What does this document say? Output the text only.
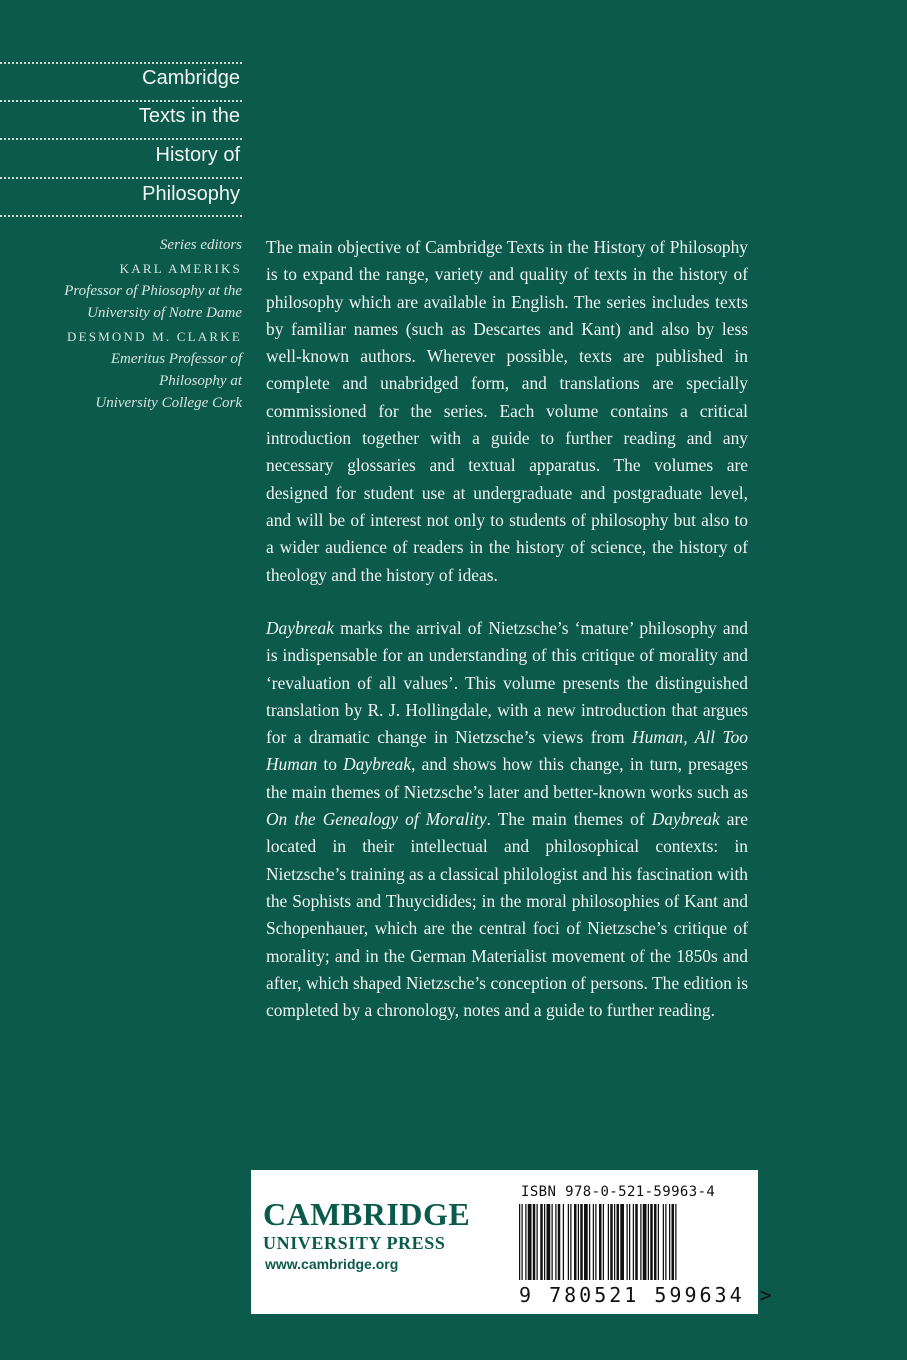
Cambridge
Texts in the
History of
Philosophy
Series editors
KARL AMERIKS
Professor of Phiosophy at the
University of Notre Dame
DESMOND M. CLARKE
Emeritus Professor of
Philosophy at
University College Cork
The main objective of Cambridge Texts in the History of Philosophy is to expand the range, variety and quality of texts in the history of philosophy which are available in English. The series includes texts by familiar names (such as Descartes and Kant) and also by less well-known authors. Wherever possible, texts are published in complete and unabridged form, and translations are specially commissioned for the series. Each volume contains a critical introduction together with a guide to further reading and any necessary glossaries and textual apparatus. The volumes are designed for student use at undergraduate and postgraduate level, and will be of interest not only to students of philosophy but also to a wider audience of readers in the history of science, the history of theology and the history of ideas.
Daybreak marks the arrival of Nietzsche’s ‘mature’ philosophy and is indispensable for an understanding of this critique of morality and ‘revaluation of all values’. This volume presents the distinguished translation by R. J. Hollingdale, with a new introduction that argues for a dramatic change in Nietzsche’s views from Human, All Too Human to Daybreak, and shows how this change, in turn, presages the main themes of Nietzsche’s later and better-known works such as On the Genealogy of Morality. The main themes of Daybreak are located in their intellectual and philosophical contexts: in Nietzsche’s training as a classical philologist and his fascination with the Sophists and Thuycidides; in the moral philosophies of Kant and Schopenhauer, which are the central foci of Nietzsche’s critique of morality; and in the German Materialist movement of the 1850s and after, which shaped Nietzsche’s conception of persons. The edition is completed by a chronology, notes and a guide to further reading.
CAMBRIDGE
UNIVERSITY PRESS
www.cambridge.org
ISBN 978-0-521-59963-4
9 780521 599634 >
